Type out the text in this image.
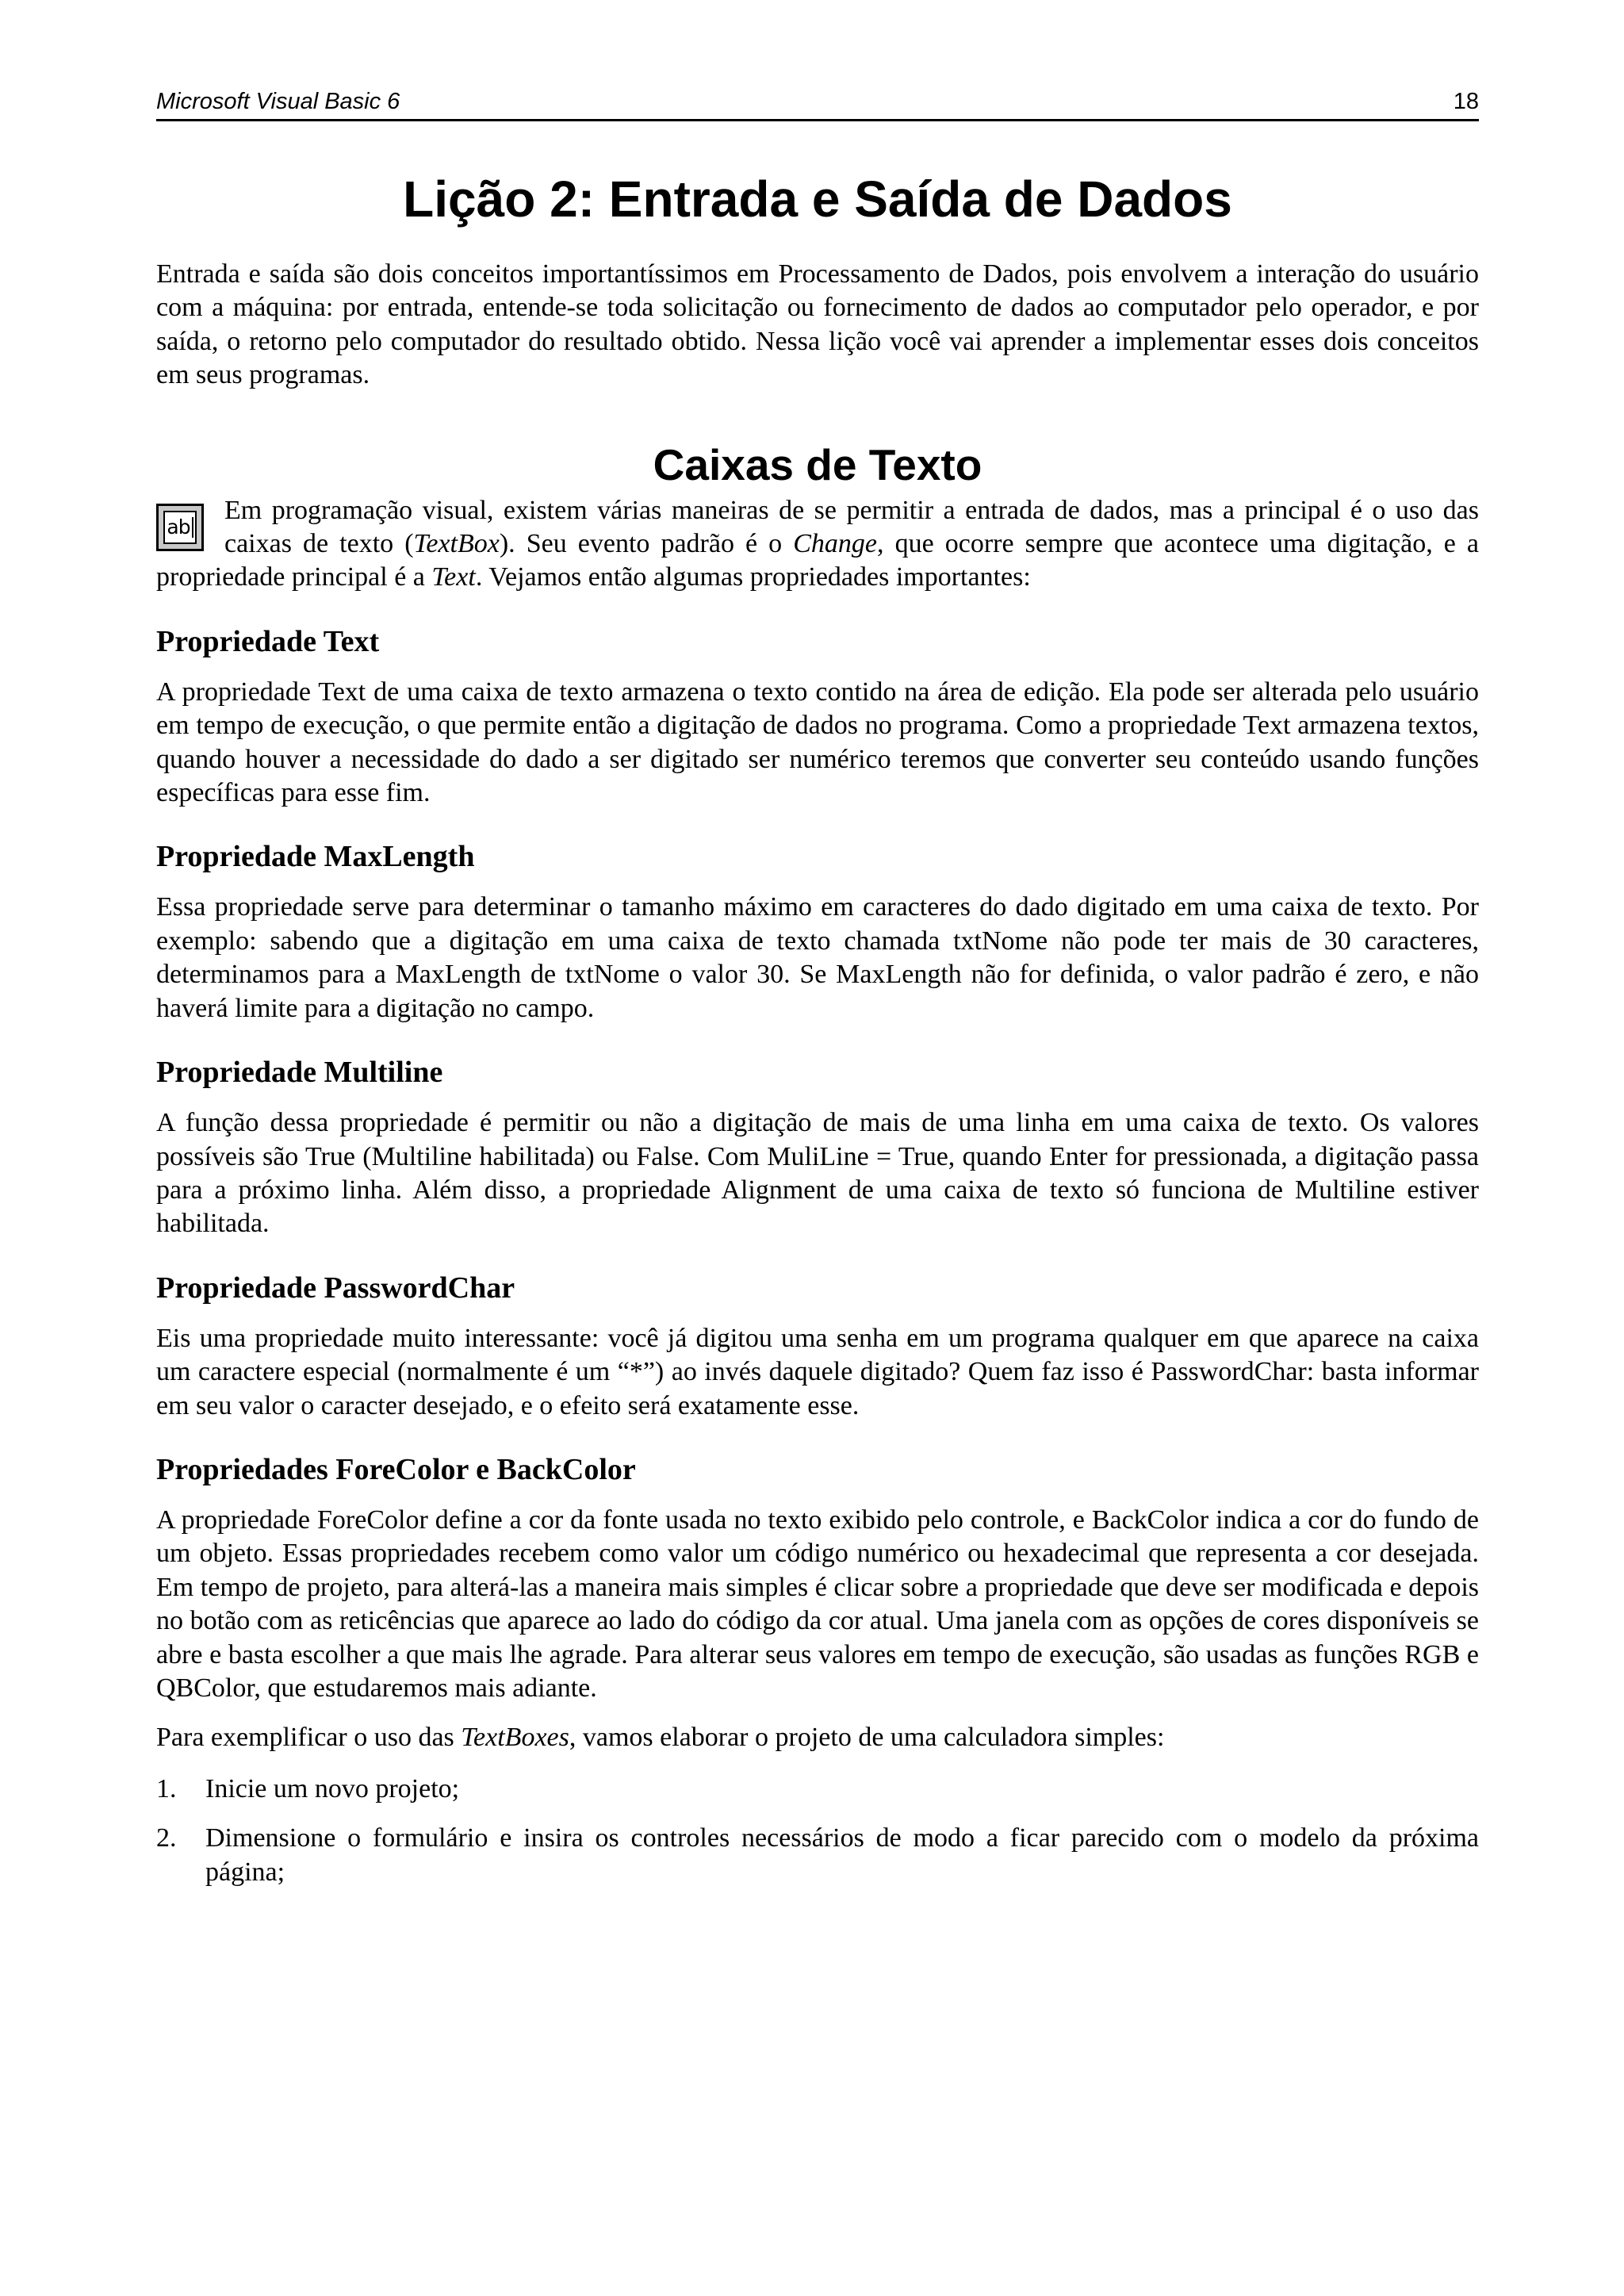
Microsoft Visual Basic 6	18
Lição 2: Entrada e Saída de Dados

Entrada e saída são dois conceitos importantíssimos em Processamento de Dados, pois envolvem a interação do usuário com a máquina: por entrada, entende-se toda solicitação ou fornecimento de dados ao computador pelo operador, e por saída, o retorno pelo computador do resultado obtido. Nessa lição você vai aprender a implementar esses dois conceitos em seus programas.

Caixas de Texto

ab
Em programação visual, existem várias maneiras de se permitir a entrada de dados, mas a principal é o uso das caixas de texto (TextBox). Seu evento padrão é o Change, que ocorre sempre que acontece uma digitação, e a propriedade principal é a Text. Vejamos então algumas propriedades importantes:

Propriedade Text

A propriedade Text de uma caixa de texto armazena o texto contido na área de edição. Ela pode ser alterada pelo usuário em tempo de execução, o que permite então a digitação de dados no programa. Como a propriedade Text armazena textos, quando houver a necessidade do dado a ser digitado ser numérico teremos que converter seu conteúdo usando funções específicas para esse fim.

Propriedade MaxLength

Essa propriedade serve para determinar o tamanho máximo em caracteres do dado digitado em uma caixa de texto. Por exemplo: sabendo que a digitação em uma caixa de texto chamada txtNome não pode ter mais de 30 caracteres, determinamos para a MaxLength de txtNome o valor 30. Se MaxLength não for definida, o valor padrão é zero, e não haverá limite para a digitação no campo.

Propriedade Multiline

A função dessa propriedade é permitir ou não a digitação de mais de uma linha em uma caixa de texto. Os valores possíveis são True (Multiline habilitada) ou False. Com MuliLine = True, quando Enter for pressionada, a digitação passa para a próximo linha. Além disso, a propriedade Alignment de uma caixa de texto só funciona de Multiline estiver habilitada.

Propriedade PasswordChar

Eis uma propriedade muito interessante: você já digitou uma senha em um programa qualquer em que aparece na caixa um caractere especial (normalmente é um “*”) ao invés daquele digitado? Quem faz isso é PasswordChar: basta informar em seu valor o caracter desejado, e o efeito será exatamente esse.

Propriedades ForeColor e BackColor

A propriedade ForeColor define a cor da fonte usada no texto exibido pelo controle, e BackColor indica a cor do fundo de um objeto. Essas propriedades recebem como valor um código numérico ou hexadecimal que representa a cor desejada. Em tempo de projeto, para alterá-las a maneira mais simples é clicar sobre a propriedade que deve ser modificada e depois no botão com as reticências que aparece ao lado do código da cor atual. Uma janela com as opções de cores disponíveis se abre e basta escolher a que mais lhe agrade. Para alterar seus valores em tempo de execução, são usadas as funções RGB e QBColor, que estudaremos mais adiante.

Para exemplificar o uso das TextBoxes, vamos elaborar o projeto de uma calculadora simples:

1.	Inicie um novo projeto;
2.	Dimensione o formulário e insira os controles necessários de modo a ficar parecido com o modelo da próxima página;
